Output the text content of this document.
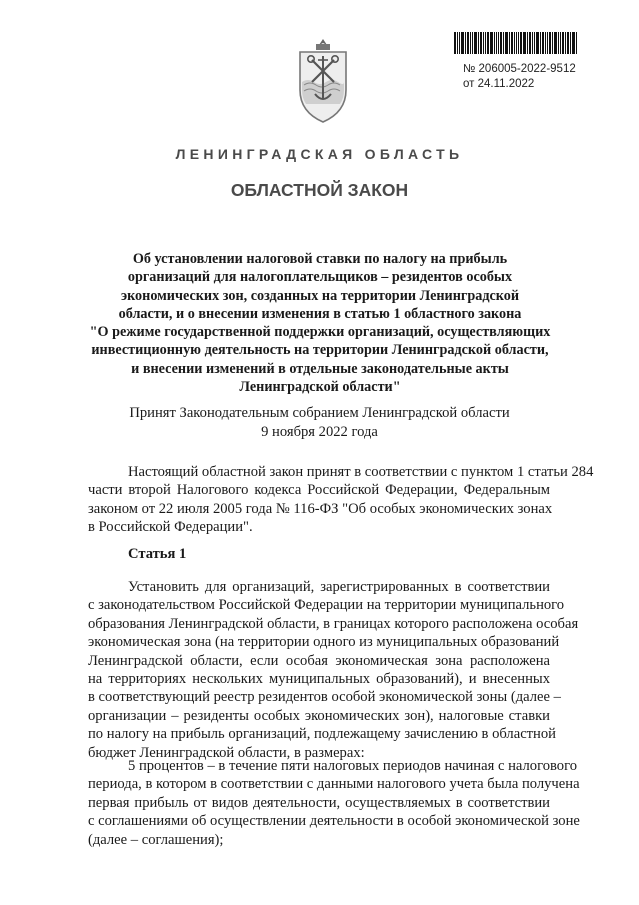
№ 206005-2022-9512
от 24.11.2022
ЛЕНИНГРАДСКАЯ ОБЛАСТЬ
ОБЛАСТНОЙ ЗАКОН
Об установлении налоговой ставки по налогу на прибыль
организаций для налогоплательщиков – резидентов особых
экономических зон, созданных на территории Ленинградской
области, и о внесении изменения в статью 1 областного закона
"О режиме государственной поддержки организаций, осуществляющих
инвестиционную деятельность на территории Ленинградской области,
и внесении изменений в отдельные законодательные акты
Ленинградской области"
Принят Законодательным собранием Ленинградской области
9 ноября 2022 года
Настоящий областной закон принят в соответствии с пунктом 1 статьи 284
части второй Налогового кодекса Российской Федерации, Федеральным
законом от 22 июля 2005 года № 116-ФЗ "Об особых экономических зонах
в Российской Федерации".
Статья 1
Установить для организаций, зарегистрированных в соответствии
с законодательством Российской Федерации на территории муниципального
образования Ленинградской области, в границах которого расположена особая
экономическая зона (на территории одного из муниципальных образований
Ленинградской области, если особая экономическая зона расположена
на территориях нескольких муниципальных образований), и внесенных
в соответствующий реестр резидентов особой экономической зоны (далее –
организации – резиденты особых экономических зон), налоговые ставки
по налогу на прибыль организаций, подлежащему зачислению в областной
бюджет Ленинградской области, в размерах:
5 процентов – в течение пяти налоговых периодов начиная с налогового
периода, в котором в соответствии с данными налогового учета была получена
первая прибыль от видов деятельности, осуществляемых в соответствии
с соглашениями об осуществлении деятельности в особой экономической зоне
(далее – соглашения);
